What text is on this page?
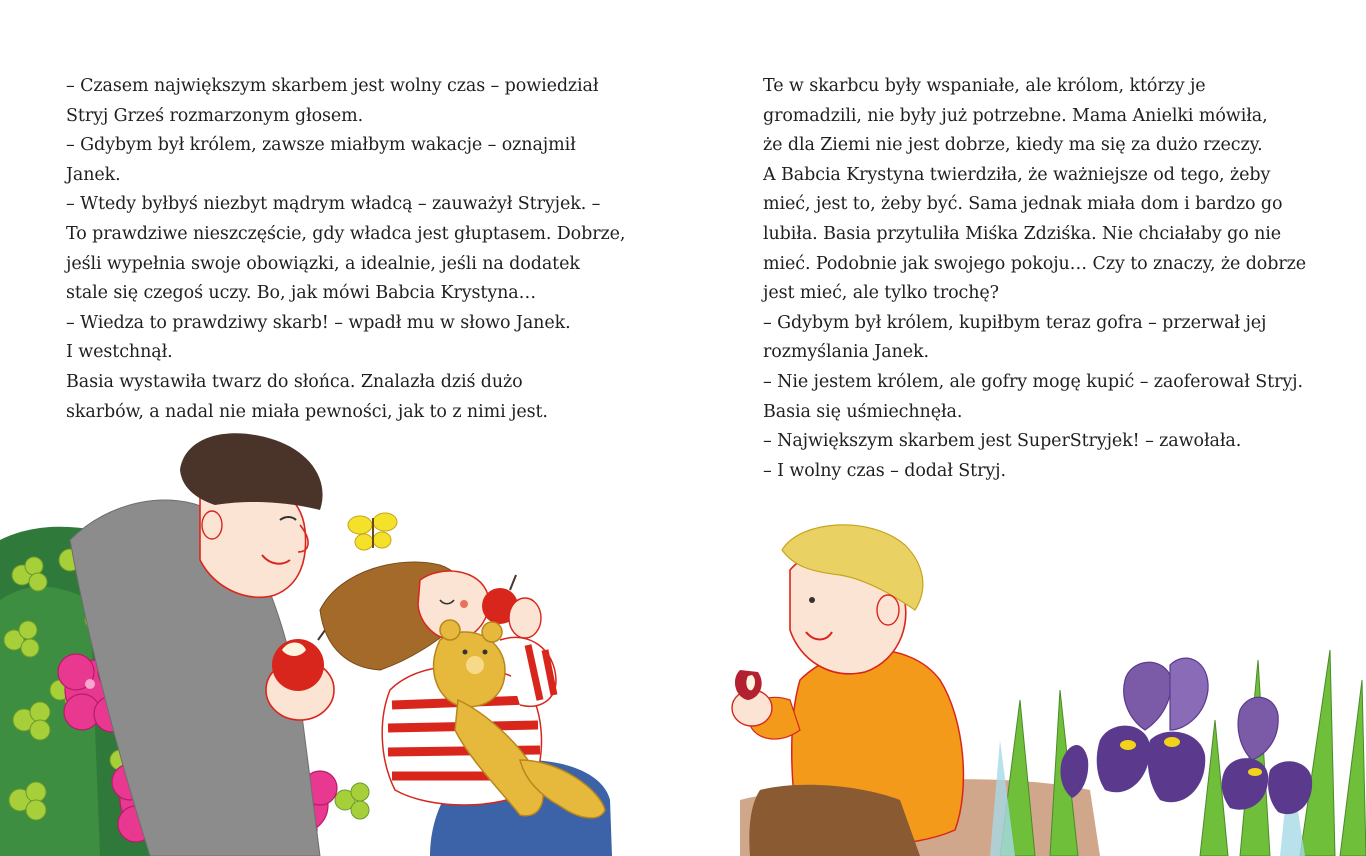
– Czasem największym skarbem jest wolny czas – powiedział
Stryj Grześ rozmarzonym głosem.
– Gdybym był królem, zawsze miałbym wakacje – oznajmił
Janek.
– Wtedy byłbyś niezbyt mądrym władcą – zauważył Stryjek. –
To prawdziwe nieszczęście, gdy władca jest głuptasem. Dobrze,
jeśli wypełnia swoje obowiązki, a idealnie, jeśli na dodatek
stale się czegoś uczy. Bo, jak mówi Babcia Krystyna…
– Wiedza to prawdziwy skarb! – wpadł mu w słowo Janek.
I westchnął.
Basia wystawiła twarz do słońca. Znalazła dziś dużo
skarbów, a nadal nie miała pewności, jak to z nimi jest.
Te w skarbcu były wspaniałe, ale królom, którzy je
gromadzili, nie były już potrzebne. Mama Anielki mówiła,
że dla Ziemi nie jest dobrze, kiedy ma się za dużo rzeczy.
A Babcia Krystyna twierdziła, że ważniejsze od tego, żeby
mieć, jest to, żeby być. Sama jednak miała dom i bardzo go
lubiła. Basia przytuliła Miśka Zdziśka. Nie chciałaby go nie
mieć. Podobnie jak swojego pokoju… Czy to znaczy, że dobrze
jest mieć, ale tylko trochę?
– Gdybym był królem, kupiłbym teraz gofra – przerwał jej
rozmyślania Janek.
– Nie jestem królem, ale gofry mogę kupić – zaoferował Stryj.
Basia się uśmiechnęła.
– Największym skarbem jest SuperStryjek! – zawołała.
– I wolny czas – dodał Stryj.
